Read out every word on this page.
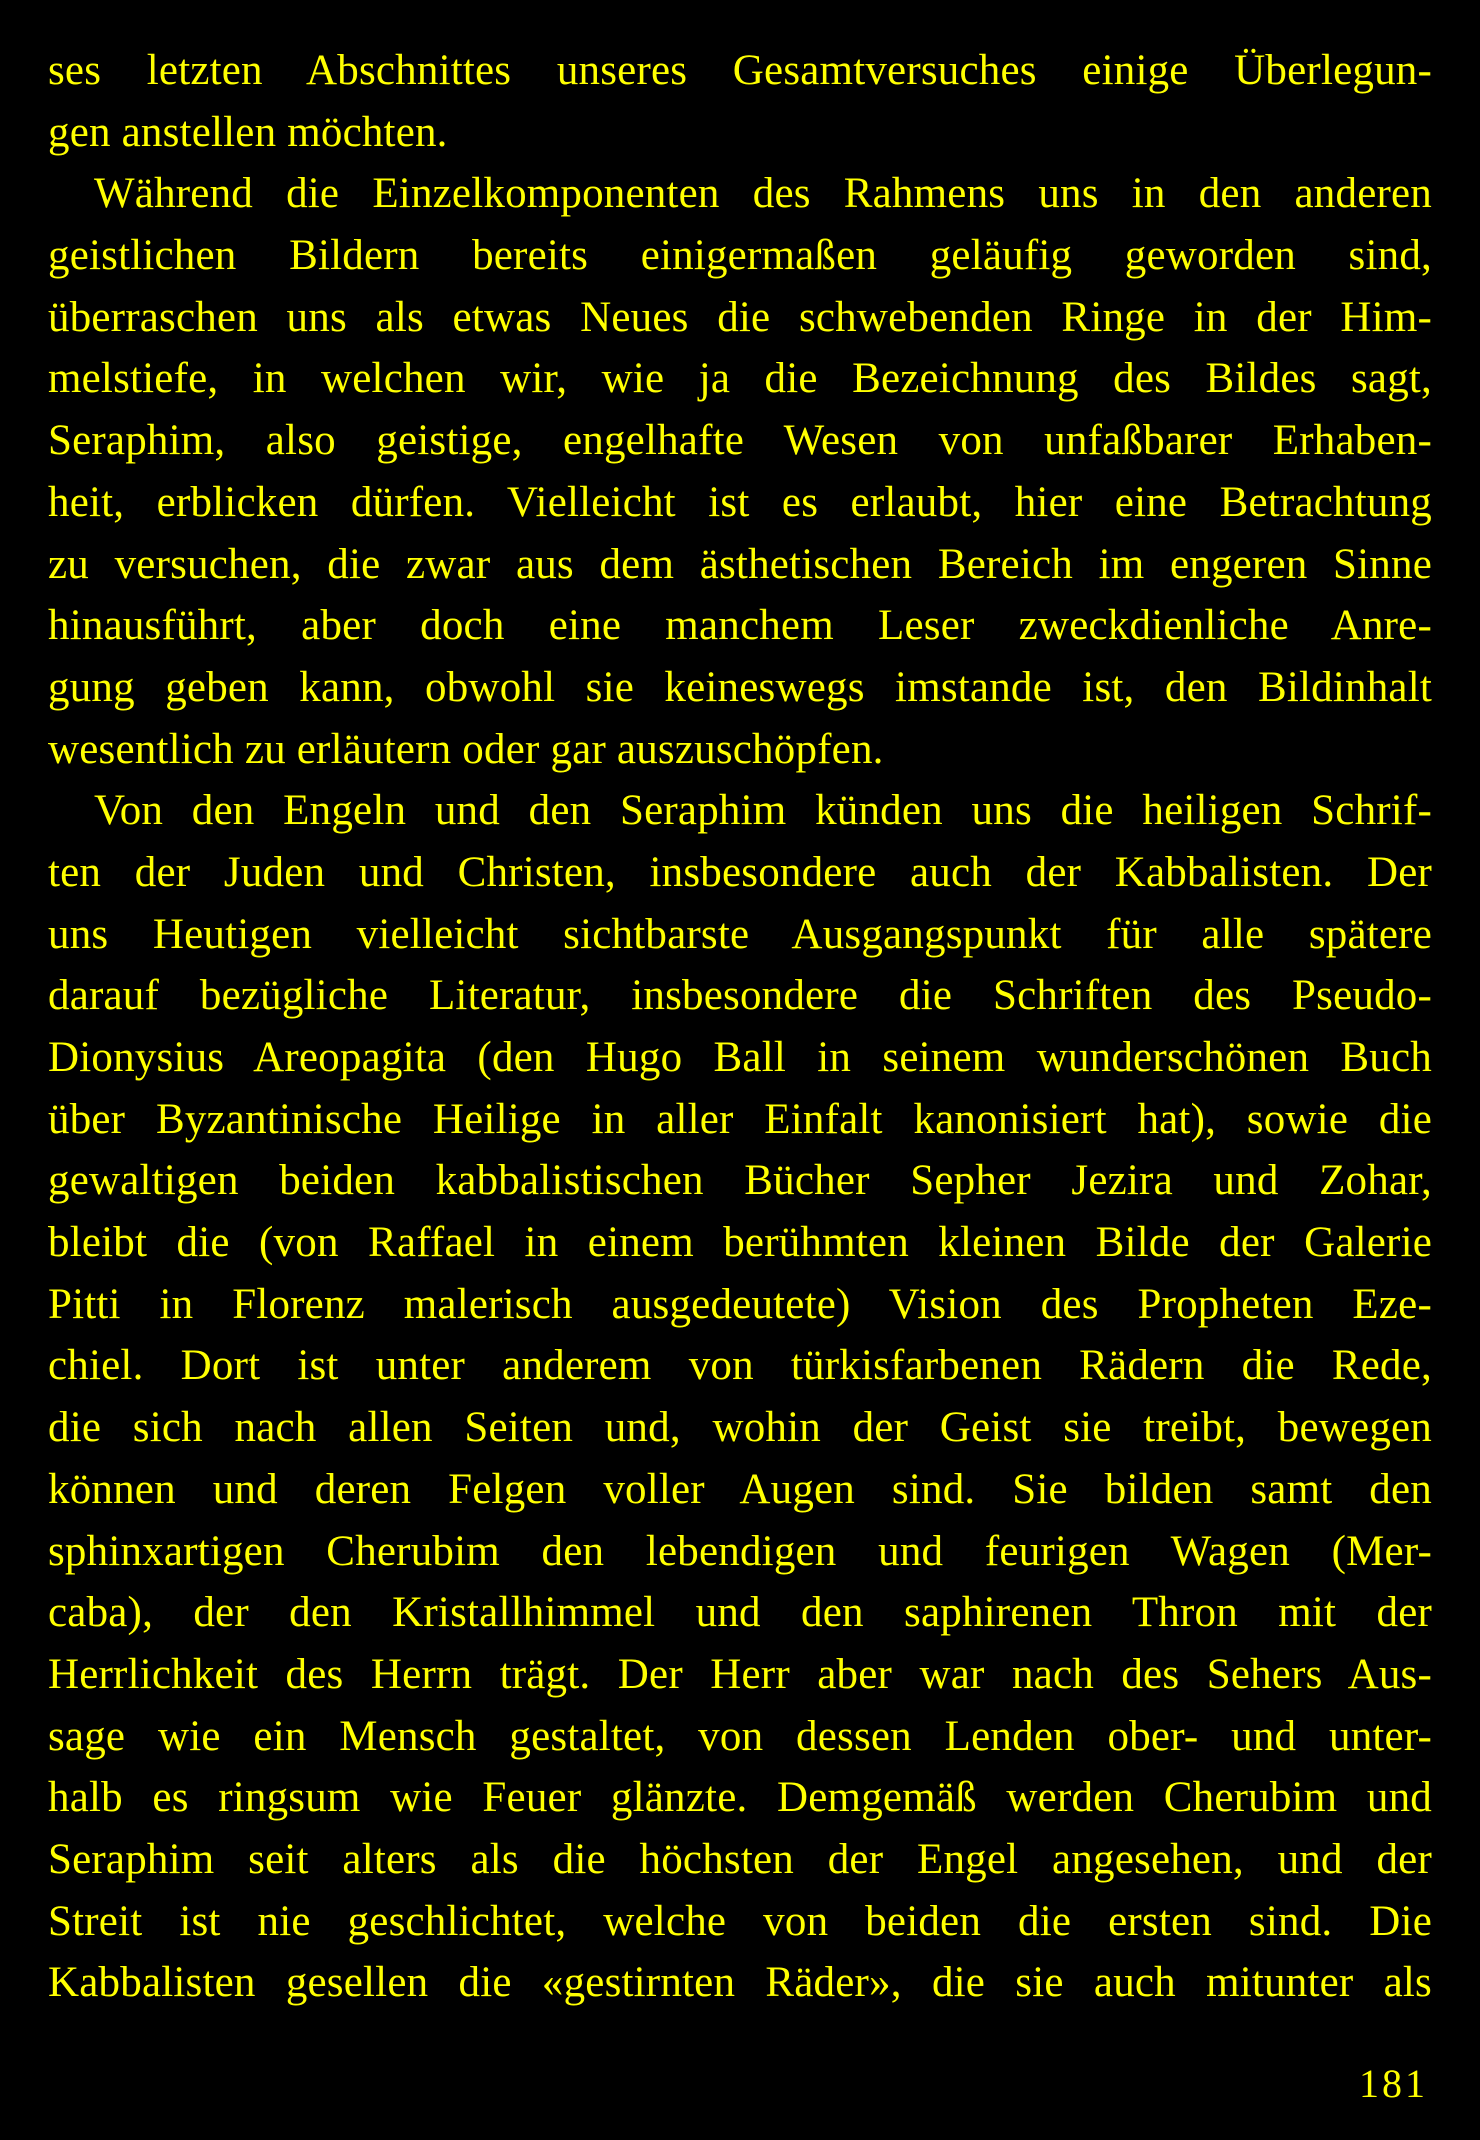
ses letzten Abschnittes unseres Gesamtversuches einige Überlegun-
gen anstellen möchten.
Während die Einzelkomponenten des Rahmens uns in den anderen
geistlichen Bildern bereits einigermaßen geläufig geworden sind,
überraschen uns als etwas Neues die schwebenden Ringe in der Him-
melstiefe, in welchen wir, wie ja die Bezeichnung des Bildes sagt,
Seraphim, also geistige, engelhafte Wesen von unfaßbarer Erhaben-
heit, erblicken dürfen. Vielleicht ist es erlaubt, hier eine Betrachtung
zu versuchen, die zwar aus dem ästhetischen Bereich im engeren Sinne
hinausführt, aber doch eine manchem Leser zweckdienliche Anre-
gung geben kann, obwohl sie keineswegs imstande ist, den Bildinhalt
wesentlich zu erläutern oder gar auszuschöpfen.
Von den Engeln und den Seraphim künden uns die heiligen Schrif-
ten der Juden und Christen, insbesondere auch der Kabbalisten. Der
uns Heutigen vielleicht sichtbarste Ausgangspunkt für alle spätere
darauf bezügliche Literatur, insbesondere die Schriften des Pseudo-
Dionysius Areopagita (den Hugo Ball in seinem wunderschönen Buch
über Byzantinische Heilige in aller Einfalt kanonisiert hat), sowie die
gewaltigen beiden kabbalistischen Bücher Sepher Jezira und Zohar,
bleibt die (von Raffael in einem berühmten kleinen Bilde der Galerie
Pitti in Florenz malerisch ausgedeutete) Vision des Propheten Eze-
chiel. Dort ist unter anderem von türkisfarbenen Rädern die Rede,
die sich nach allen Seiten und, wohin der Geist sie treibt, bewegen
können und deren Felgen voller Augen sind. Sie bilden samt den
sphinxartigen Cherubim den lebendigen und feurigen Wagen (Mer-
caba), der den Kristallhimmel und den saphirenen Thron mit der
Herrlichkeit des Herrn trägt. Der Herr aber war nach des Sehers Aus-
sage wie ein Mensch gestaltet, von dessen Lenden ober- und unter-
halb es ringsum wie Feuer glänzte. Demgemäß werden Cherubim und
Seraphim seit alters als die höchsten der Engel angesehen, und der
Streit ist nie geschlichtet, welche von beiden die ersten sind. Die
Kabbalisten gesellen die «gestirnten Räder», die sie auch mitunter als
181
